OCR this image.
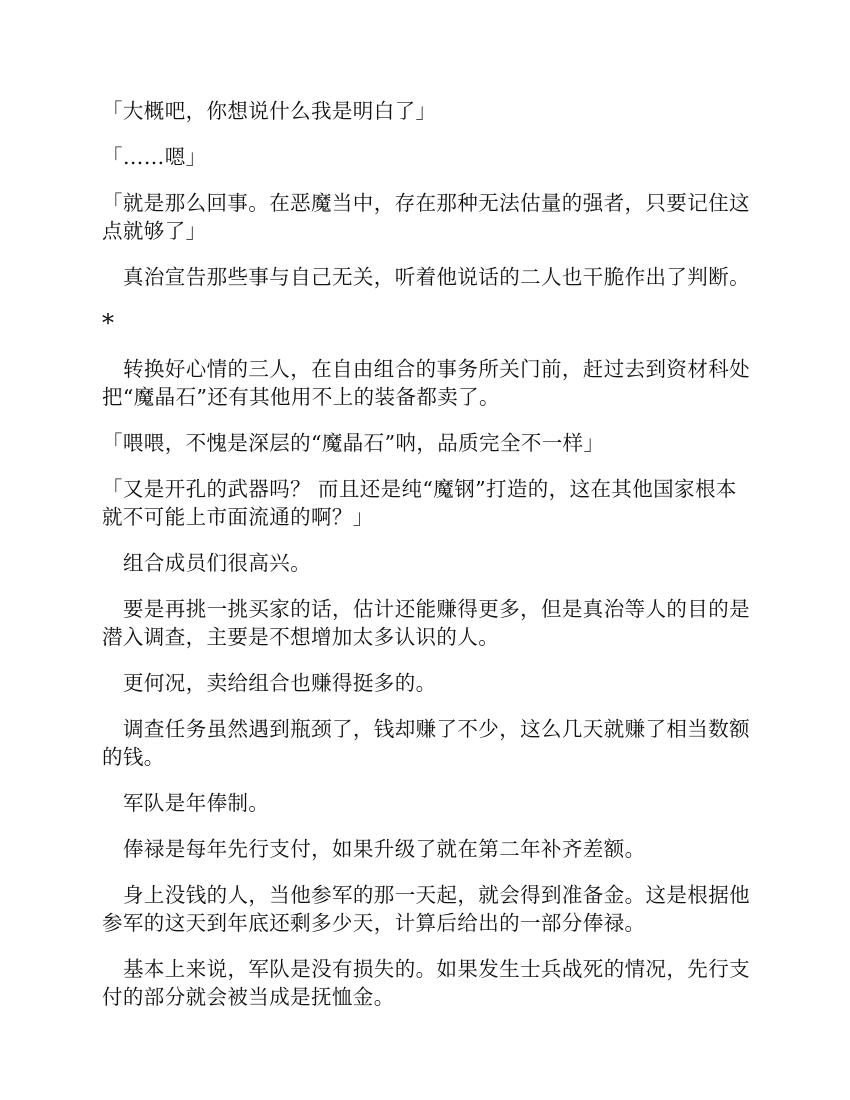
「大概吧，你想说什么我是明白了」

「……嗯」

「就是那么回事。在恶魔当中，存在那种无法估量的强者，只要记住这点就够了」

真治宣告那些事与自己无关，听着他说话的二人也干脆作出了判断。

*

转换好心情的三人，在自由组合的事务所关门前，赶过去到资材科处把“魔晶石”还有其他用不上的装备都卖了。

「喂喂，不愧是深层的“魔晶石”呐，品质完全不一样」

「又是开孔的武器吗？ 而且还是纯“魔钢”打造的，这在其他国家根本就不可能上市面流通的啊？」

组合成员们很高兴。

要是再挑一挑买家的话，估计还能赚得更多，但是真治等人的目的是潜入调查，主要是不想增加太多认识的人。

更何况，卖给组合也赚得挺多的。

调查任务虽然遇到瓶颈了，钱却赚了不少，这么几天就赚了相当数额的钱。

军队是年俸制。

俸禄是每年先行支付，如果升级了就在第二年补齐差额。

身上没钱的人，当他参军的那一天起，就会得到准备金。这是根据他参军的这天到年底还剩多少天，计算后给出的一部分俸禄。

基本上来说，军队是没有损失的。如果发生士兵战死的情况，先行支付的部分就会被当成是抚恤金。
